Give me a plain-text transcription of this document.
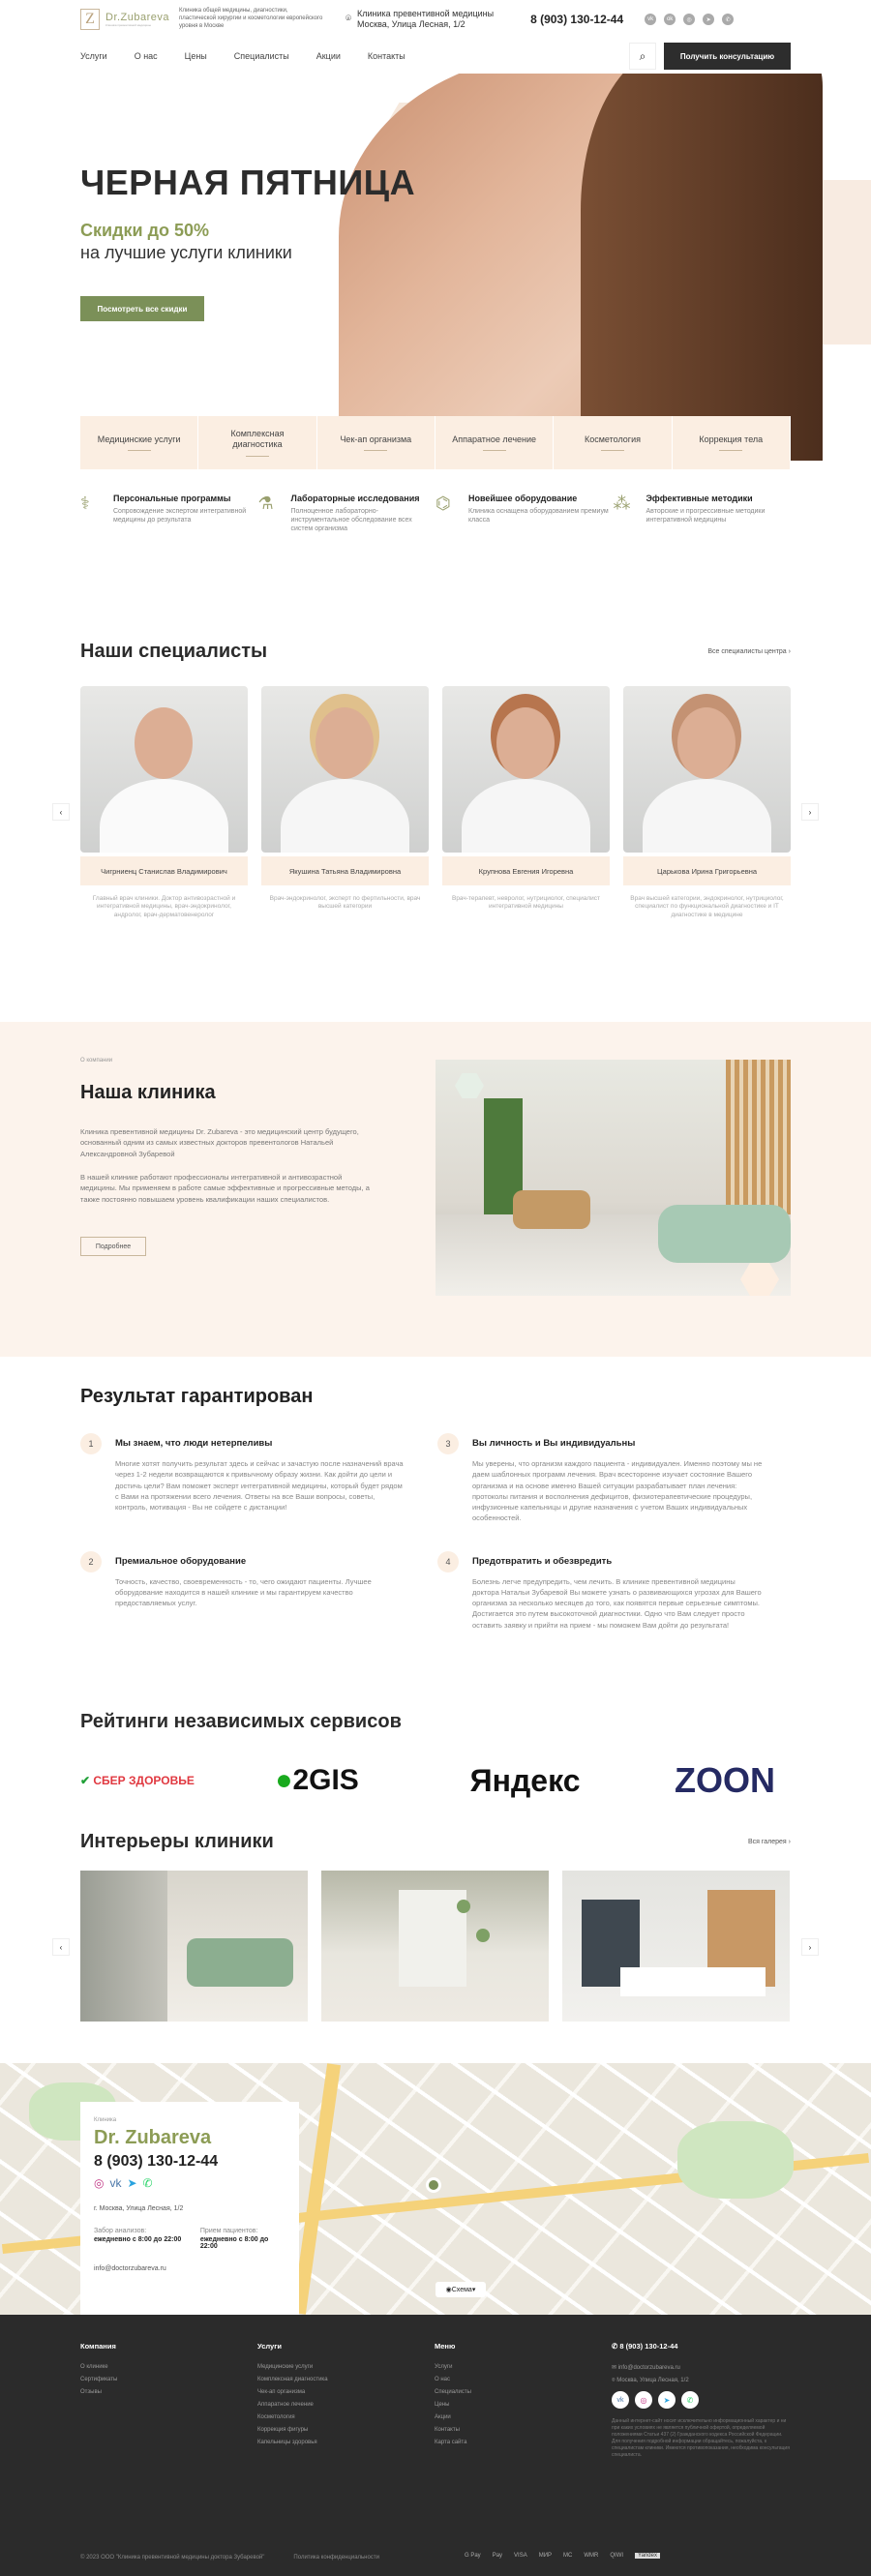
Z	Dr.Zubareva
Клиника превентивной медицины
Клиника общей медицины, диагностики, пластической хирургии и косметологии европейского уровня в Москве
⌾ Клиника превентивной медицины
Москва, Улица Лесная, 1/2	8 (903) 130-12-44	vk	ok	◎	➤	✆
Услуги	О нас	Цены	Специалисты	Акции	Контакты	⌕	Получить консультацию
ЧЕРНАЯ ПЯТНИЦА
Скидки до 50%
на лучшие услуги клиники
Посмотреть все скидки
Медицинские услуги
Комплексная диагностика
Чек-ап организма	Аппаратное лечение	Косметология	Коррекция тела
⚕	Персональные программы

Сопровождение экспертом интегративной медицины до результата

⚗	Лабораторные исследования

Полноценное лабораторно-инструментальное обследование всех систем организма

⌬	Новейшее оборудование

Клиника оснащена оборудованием премиум класса

⁂	Эффективные методики

Авторские и прогрессивные методики интегративной медицины

Наши специалисты	Все специалисты центра ›
Чигрниенц Станислав Владимирович
Главный врач клиники. Доктор антивозрастной и интегративной медицины, врач-эндокринолог, андролог, врач-дерматовенеролог
Якушина Татьяна Владимировна
Врач-эндокринолог, эксперт по фертильности, врач высшей категории
Крупнова Евгения Игоревна
Врач-терапевт, невролог, нутрициолог, специалист интегративной медицины
Царькова Ирина Григорьевна
Врач высшей категории, эндокринолог, нутрициолог, специалист по функциональной диагностике и IT диагностике в медицине
‹	›
О компании
Наша клиника
Клиника превентивной медицины Dr. Zubareva - это медицинский центр будущего, основанный одним из самых известных докторов превентологов Натальей Александровной Зубаревой
В нашей клинике работают профессионалы интегративной и антивозрастной медицины. Мы применяем в работе самые эффективные и прогрессивные методы, а также постоянно повышаем уровень квалификации наших специалистов.
Подробнее
Результат гарантирован
1	Мы знаем, что люди нетерпеливы

Многие хотят получить результат здесь и сейчас и зачастую после назначений врача через 1-2 недели возвращаются к привычному образу жизни. Как дойти до цели и достичь цели? Вам поможет эксперт интегративной медицины, который будет рядом с Вами на протяжении всего лечения. Ответы на все Ваши вопросы, советы, контроль, мотивация - Вы не сойдете с дистанции!

3	Вы личность и Вы индивидуальны

Мы уверены, что организм каждого пациента - индивидуален. Именно поэтому мы не даем шаблонных программ лечения. Врач всесторонне изучает состояние Вашего организма и на основе именно Вашей ситуации разрабатывает план лечения: протоколы питания и восполнения дефицитов, физиотерапевтические процедуры, инфузионные капельницы и другие назначения с учетом Ваших индивидуальных особенностей.

2	Премиальное оборудование

Точность, качество, своевременность - то, чего ожидают пациенты. Лучшее оборудование находится в нашей клинике и мы гарантируем качество предоставляемых услуг.

4	Предотвратить и обезвредить

Болезнь легче предупредить, чем лечить. В клинике превентивной медицины доктора Натальи Зубаревой Вы можете узнать о развивающихся угрозах для Вашего организма за несколько месяцев до того, как появятся первые серьезные симптомы. Достигается это путем высокоточной диагностики. Одно что Вам следует просто оставить заявку и прийти на прием - мы поможем Вам дойти до результата!

Рейтинги независимых сервисов
✔ СБЕР ЗДОРОВЬЕ	●2GIS	Яндекс	ZOON
Интерьеры клиники	Вся галерея ›
‹	›
◉ Схема ▾
Клиника
Dr. Zubareva
8 (903) 130-12-44
◎ vk ➤ ✆
г. Москва, Улица Лесная, 1/2
Забор анализов:
ежедневно с 8:00 до 22:00
Прием пациентов:
ежедневно с 8:00 до 22:00
info@doctorzubareva.ru
Компания
О клинике
Сертификаты
Отзывы
Услуги
Медицинские услуги
Комплексная диагностика
Чек-ап организма
Аппаратное лечение
Косметология
Коррекция фигуры
Капельницы здоровья
Меню
Услуги
О нас
Специалисты
Цены
Акции
Контакты
Карта сайта
✆ 8 (903) 130-12-44
✉ info@doctorzubareva.ru
⌾ Москва, Улица Лесная, 1/2
vk	◎	➤	✆
Данный интернет-сайт носит исключительно информационный характер и ни при каких условиях не является публичной офертой, определяемой положениями Статьи 437 (2) Гражданского кодекса Российской Федерации. Для получения подробной информации обращайтесь, пожалуйста, к специалистам клиники. Имеются противопоказания, необходима консультация специалиста.
© 2023 ООО "Клиника превентивной медицины доктора Зубаревой"	Политика конфиденциальности	G Pay Pay VISA МИР MC WMR QIWI	Yandex
